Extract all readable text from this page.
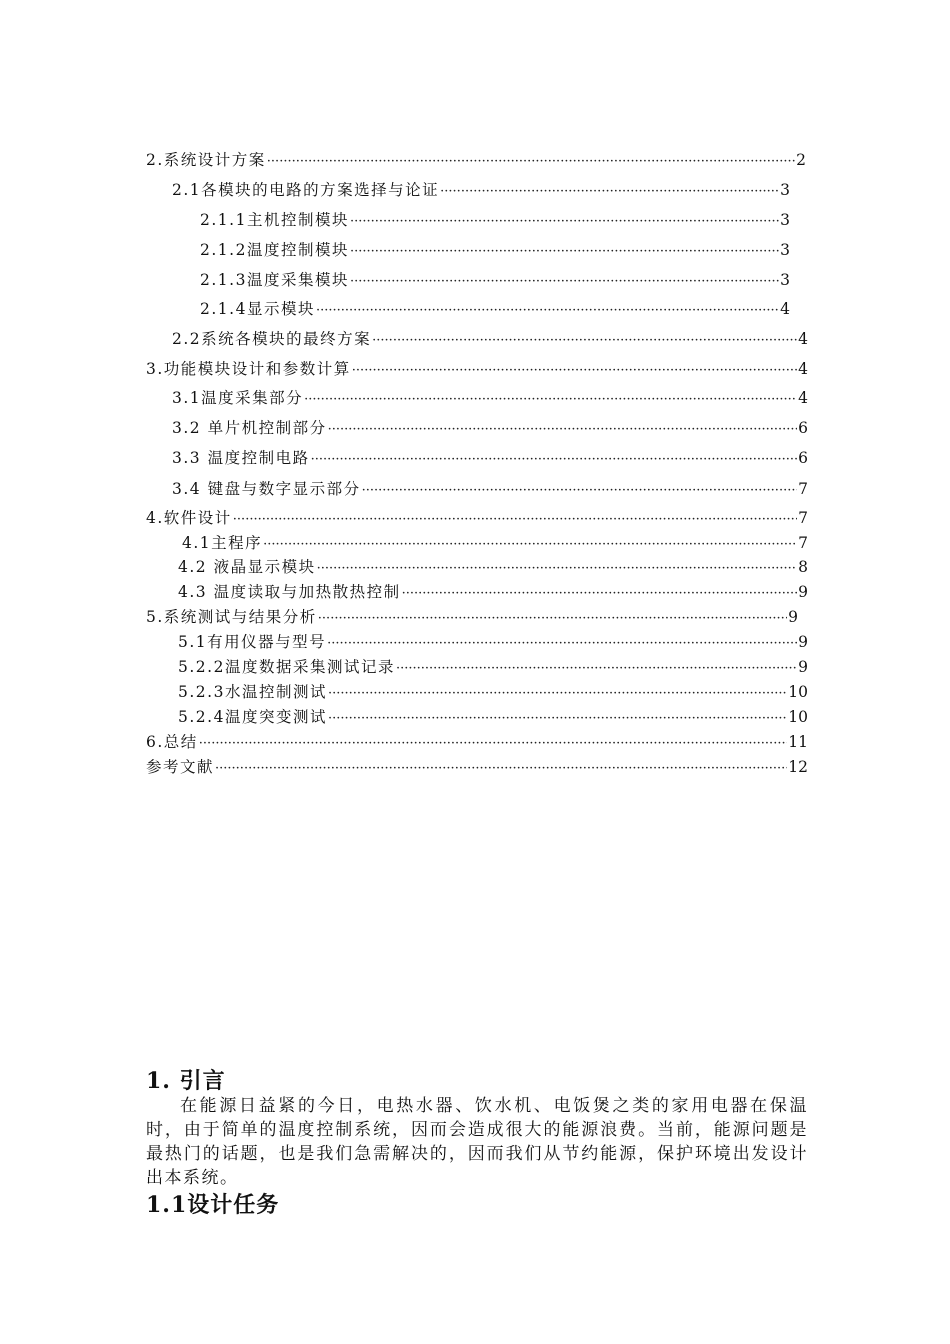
2.系统设计方案 ·····	2
2.1各模块的电路的方案选择与论证 ·····	3
2.1.1主机控制模块 ·····	3
2.1.2温度控制模块 ·····	3
2.1.3温度采集模块 ·····	3
2.1.4显示模块 ·····	4
2.2系统各模块的最终方案 ·····	4
3.功能模块设计和参数计算 ·····	4
3.1温度采集部分 ·····	4
3.2 单片机控制部分 ·····	6
3.3 温度控制电路 ·····	6
3.4 键盘与数字显示部分 ·····	7
4.软件设计 ·····	7
4.1主程序 ·····	7
4.2 液晶显示模块 ·····	8
4.3 温度读取与加热散热控制 ·····	9
5.系统测试与结果分析 ·····	9
5.1有用仪器与型号 ·····	9
5.2.2温度数据采集测试记录 ·····	9
5.2.3水温控制测试 ·····	10
5.2.4温度突变测试 ·····	10
6.总结 ·····	11
参考文献 ·····	12
1. 引言

在能源日益紧的今日，电热水器、饮水机、电饭煲之类的家用电器在保温时，由于简单的温度控制系统，因而会造成很大的能源浪费。当前，能源问题是最热门的话题，也是我们急需解决的，因而我们从节约能源，保护环境出发设计出本系统。

1.1设计任务
